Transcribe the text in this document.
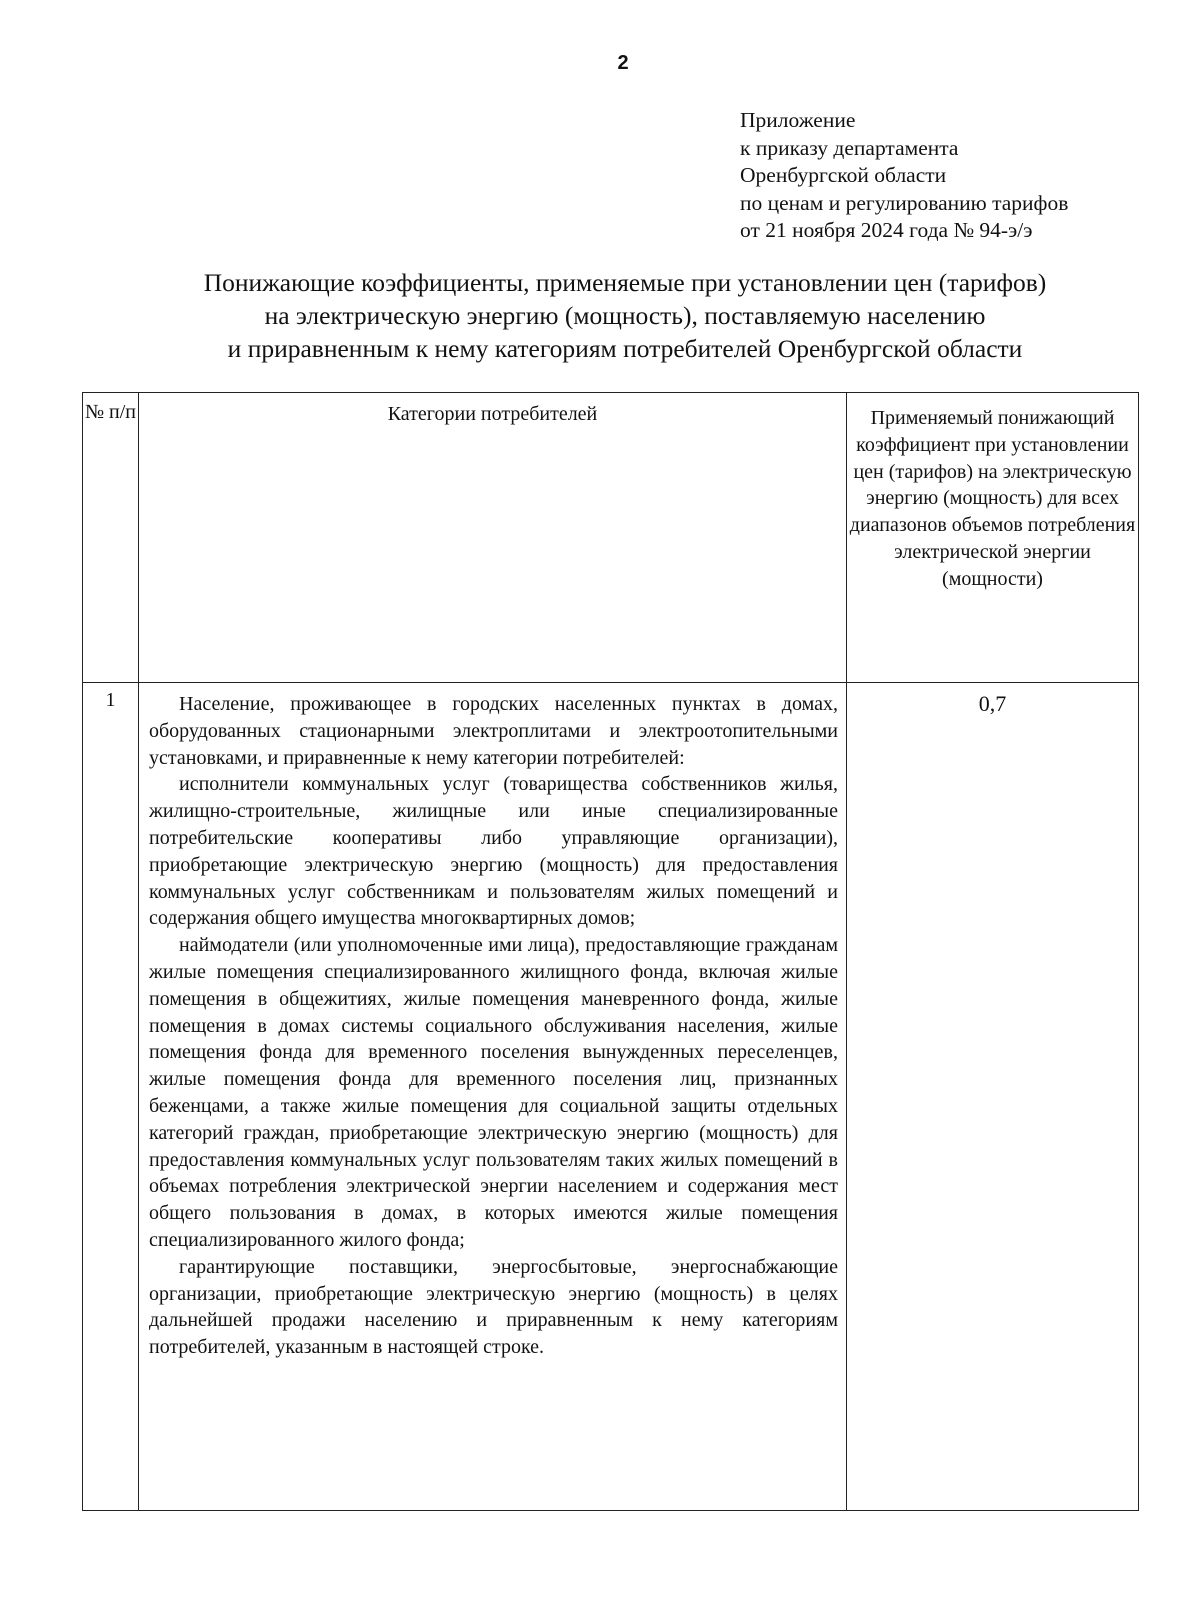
2
Приложение
к приказу департамента
Оренбургской области
по ценам и регулированию тарифов
от 21 ноября 2024 года № 94-э/э
Понижающие коэффициенты, применяемые при установлении цен (тарифов)
на электрическую энергию (мощность), поставляемую населению
и приравненным к нему категориям потребителей Оренбургской области
№ п/п	Категории потребителей	Применяемый понижающий коэффициент при установлении цен (тарифов) на электрическую энергию (мощность) для всех диапазонов объемов потребления электрической энергии (мощности)
1	Население, проживающее в городских населенных пунктах в домах, оборудованных стационарными электроплитами и электроотопительными установками, и приравненные к нему категории потребителей:

исполнители коммунальных услуг (товарищества собственников жилья, жилищно-строительные, жилищные или иные специализированные потребительские кооперативы либо управляющие организации), приобретающие электрическую энергию (мощность) для предоставления коммунальных услуг собственникам и пользователям жилых помещений и содержания общего имущества многоквартирных домов;

наймодатели (или уполномоченные ими лица), предоставляющие гражданам жилые помещения специализированного жилищного фонда, включая жилые помещения в общежитиях, жилые помещения маневренного фонда, жилые помещения в домах системы социального обслуживания населения, жилые помещения фонда для временного поселения вынужденных переселенцев, жилые помещения фонда для временного поселения лиц, признанных беженцами, а также жилые помещения для социальной защиты отдельных категорий граждан, приобретающие электрическую энергию (мощность) для предоставления коммунальных услуг пользователям таких жилых помещений в объемах потребления электрической энергии населением и содержания мест общего пользования в домах, в которых имеются жилые помещения специализированного жилого фонда;

гарантирующие поставщики, энергосбытовые, энергоснабжающие организации, приобретающие электрическую энергию (мощность) в целях дальнейшей продажи населению и приравненным к нему категориям потребителей, указанным в настоящей строке.	0,7
